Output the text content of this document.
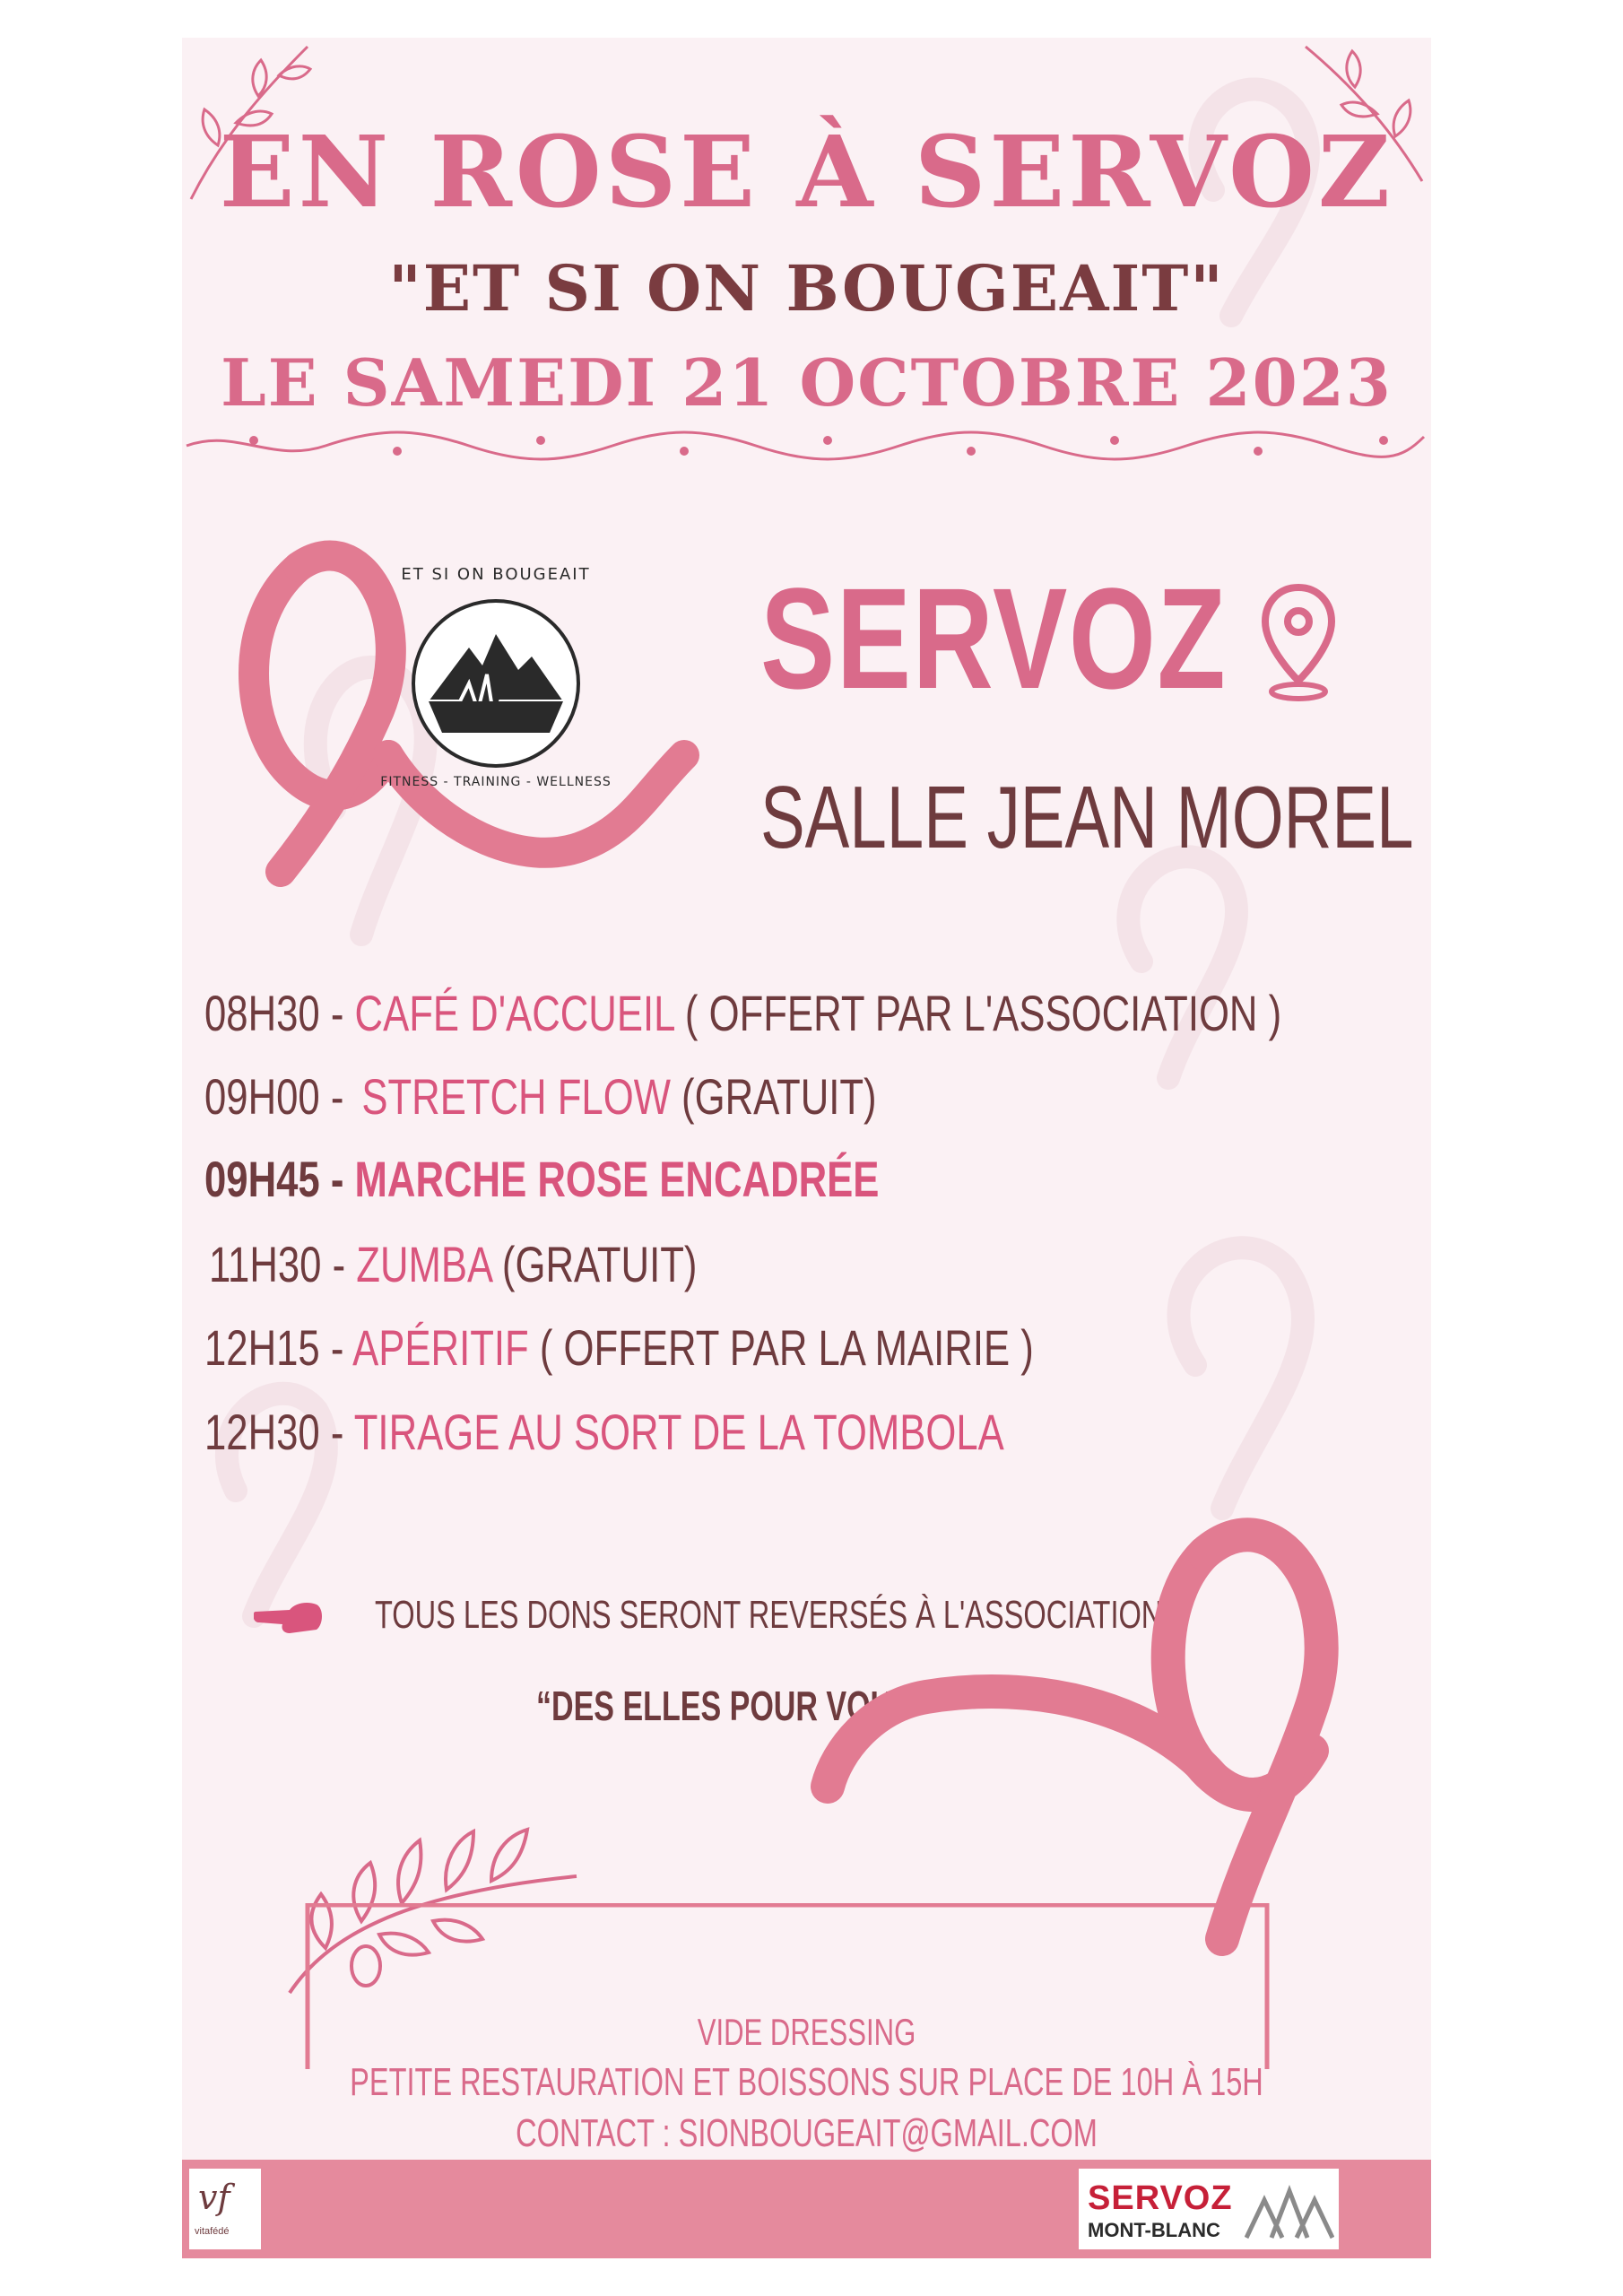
EN ROSE À SERVOZ
"ET SI ON BOUGEAIT"
LE SAMEDI 21 OCTOBRE 2023
ET SI ON BOUGEAIT
FITNESS - TRAINING - WELLNESS
SERVOZ
SALLE JEAN MOREL
08H30 - CAFÉ D'ACCUEIL ( OFFERT PAR L'ASSOCIATION )
09H00 - STRETCH FLOW (GRATUIT)
09H45 - MARCHE ROSE ENCADRÉE
11H30 - ZUMBA (GRATUIT)
12H15 - APÉRITIF ( OFFERT PAR LA MAIRIE )
12H30 - TIRAGE AU SORT DE LA TOMBOLA
TOUS LES DONS SERONT REVERSÉS À L'ASSOCIATION
“DES ELLES POUR VOUS”
VIDE DRESSING
PETITE RESTAURATION ET BOISSONS SUR PLACE DE 10H À 15H
CONTACT : SIONBOUGEAIT@GMAIL.COM
vf
vitafédé
SERVOZ
MONT-BLANC
